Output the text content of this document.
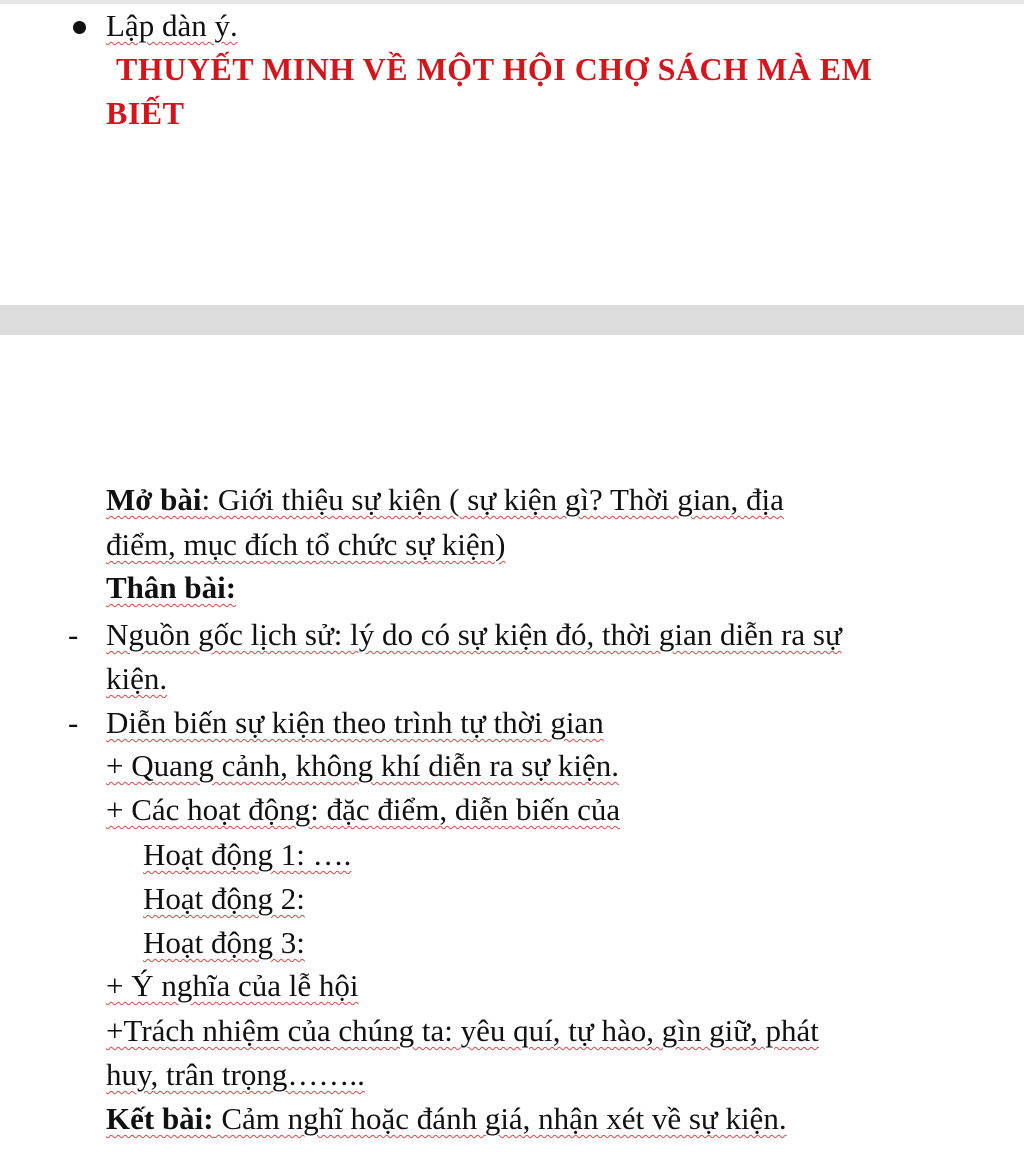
Lập dàn ý.
THUYẾT MINH VỀ MỘT HỘI CHỢ SÁCH MÀ EM
BIẾT
Mở bài: Giới thiệu sự kiện ( sự kiện gì? Thời gian, địa
điểm, mục đích tổ chức sự kiện)
Thân bài:
- Nguồn gốc lịch sử: lý do có sự kiện đó, thời gian diễn ra sự
kiện.
- Diễn biến sự kiện theo trình tự thời gian
+ Quang cảnh, không khí diễn ra sự kiện.
+ Các hoạt động: đặc điểm, diễn biến của
Hoạt động 1: ….
Hoạt động 2:
Hoạt động 3:
+ Ý nghĩa của lễ hội
+Trách nhiệm của chúng ta: yêu quí, tự hào, gìn giữ, phát
huy, trân trọng……..
Kết bài: Cảm nghĩ hoặc đánh giá, nhận xét về sự kiện.
